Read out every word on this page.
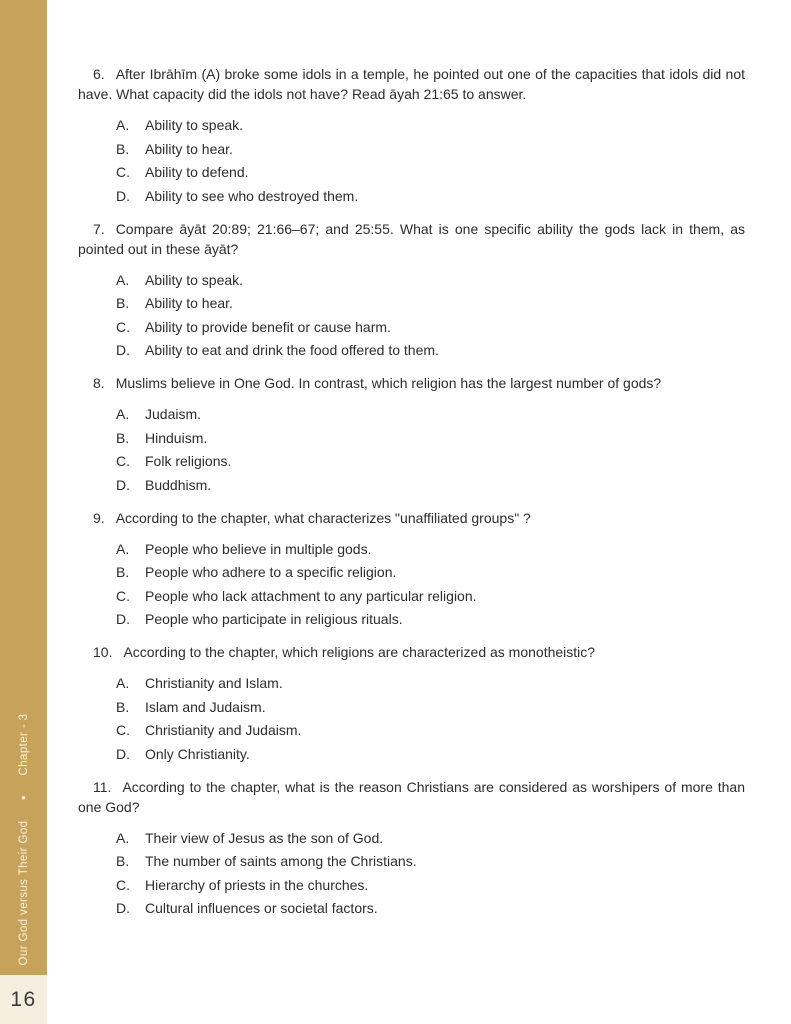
Our God versus Their God ● Chapter - 3
16

6. After Ibrāhīm (A) broke some idols in a temple, he pointed out one of the capacities that idols did not have. What capacity did the idols not have? Read āyah 21:65 to answer.

A.	Ability to speak.
B.	Ability to hear.
C.	Ability to defend.
D.	Ability to see who destroyed them.

7. Compare āyāt 20:89; 21:66–67; and 25:55. What is one specific ability the gods lack in them, as pointed out in these āyāt?

A.	Ability to speak.
B.	Ability to hear.
C.	Ability to provide benefit or cause harm.
D.	Ability to eat and drink the food offered to them.

8. Muslims believe in One God. In contrast, which religion has the largest number of gods?

A.	Judaism.
B.	Hinduism.
C.	Folk religions.
D.	Buddhism.

9. According to the chapter, what characterizes "unaffiliated groups" ?

A.	People who believe in multiple gods.
B.	People who adhere to a specific religion.
C.	People who lack attachment to any particular religion.
D.	People who participate in religious rituals.

10. According to the chapter, which religions are characterized as monotheistic?

A.	Christianity and Islam.
B.	Islam and Judaism.
C.	Christianity and Judaism.
D.	Only Christianity.

11. According to the chapter, what is the reason Christians are considered as worshipers of more than one God?

A.	Their view of Jesus as the son of God.
B.	The number of saints among the Christians.
C.	Hierarchy of priests in the churches.
D.	Cultural influences or societal factors.
